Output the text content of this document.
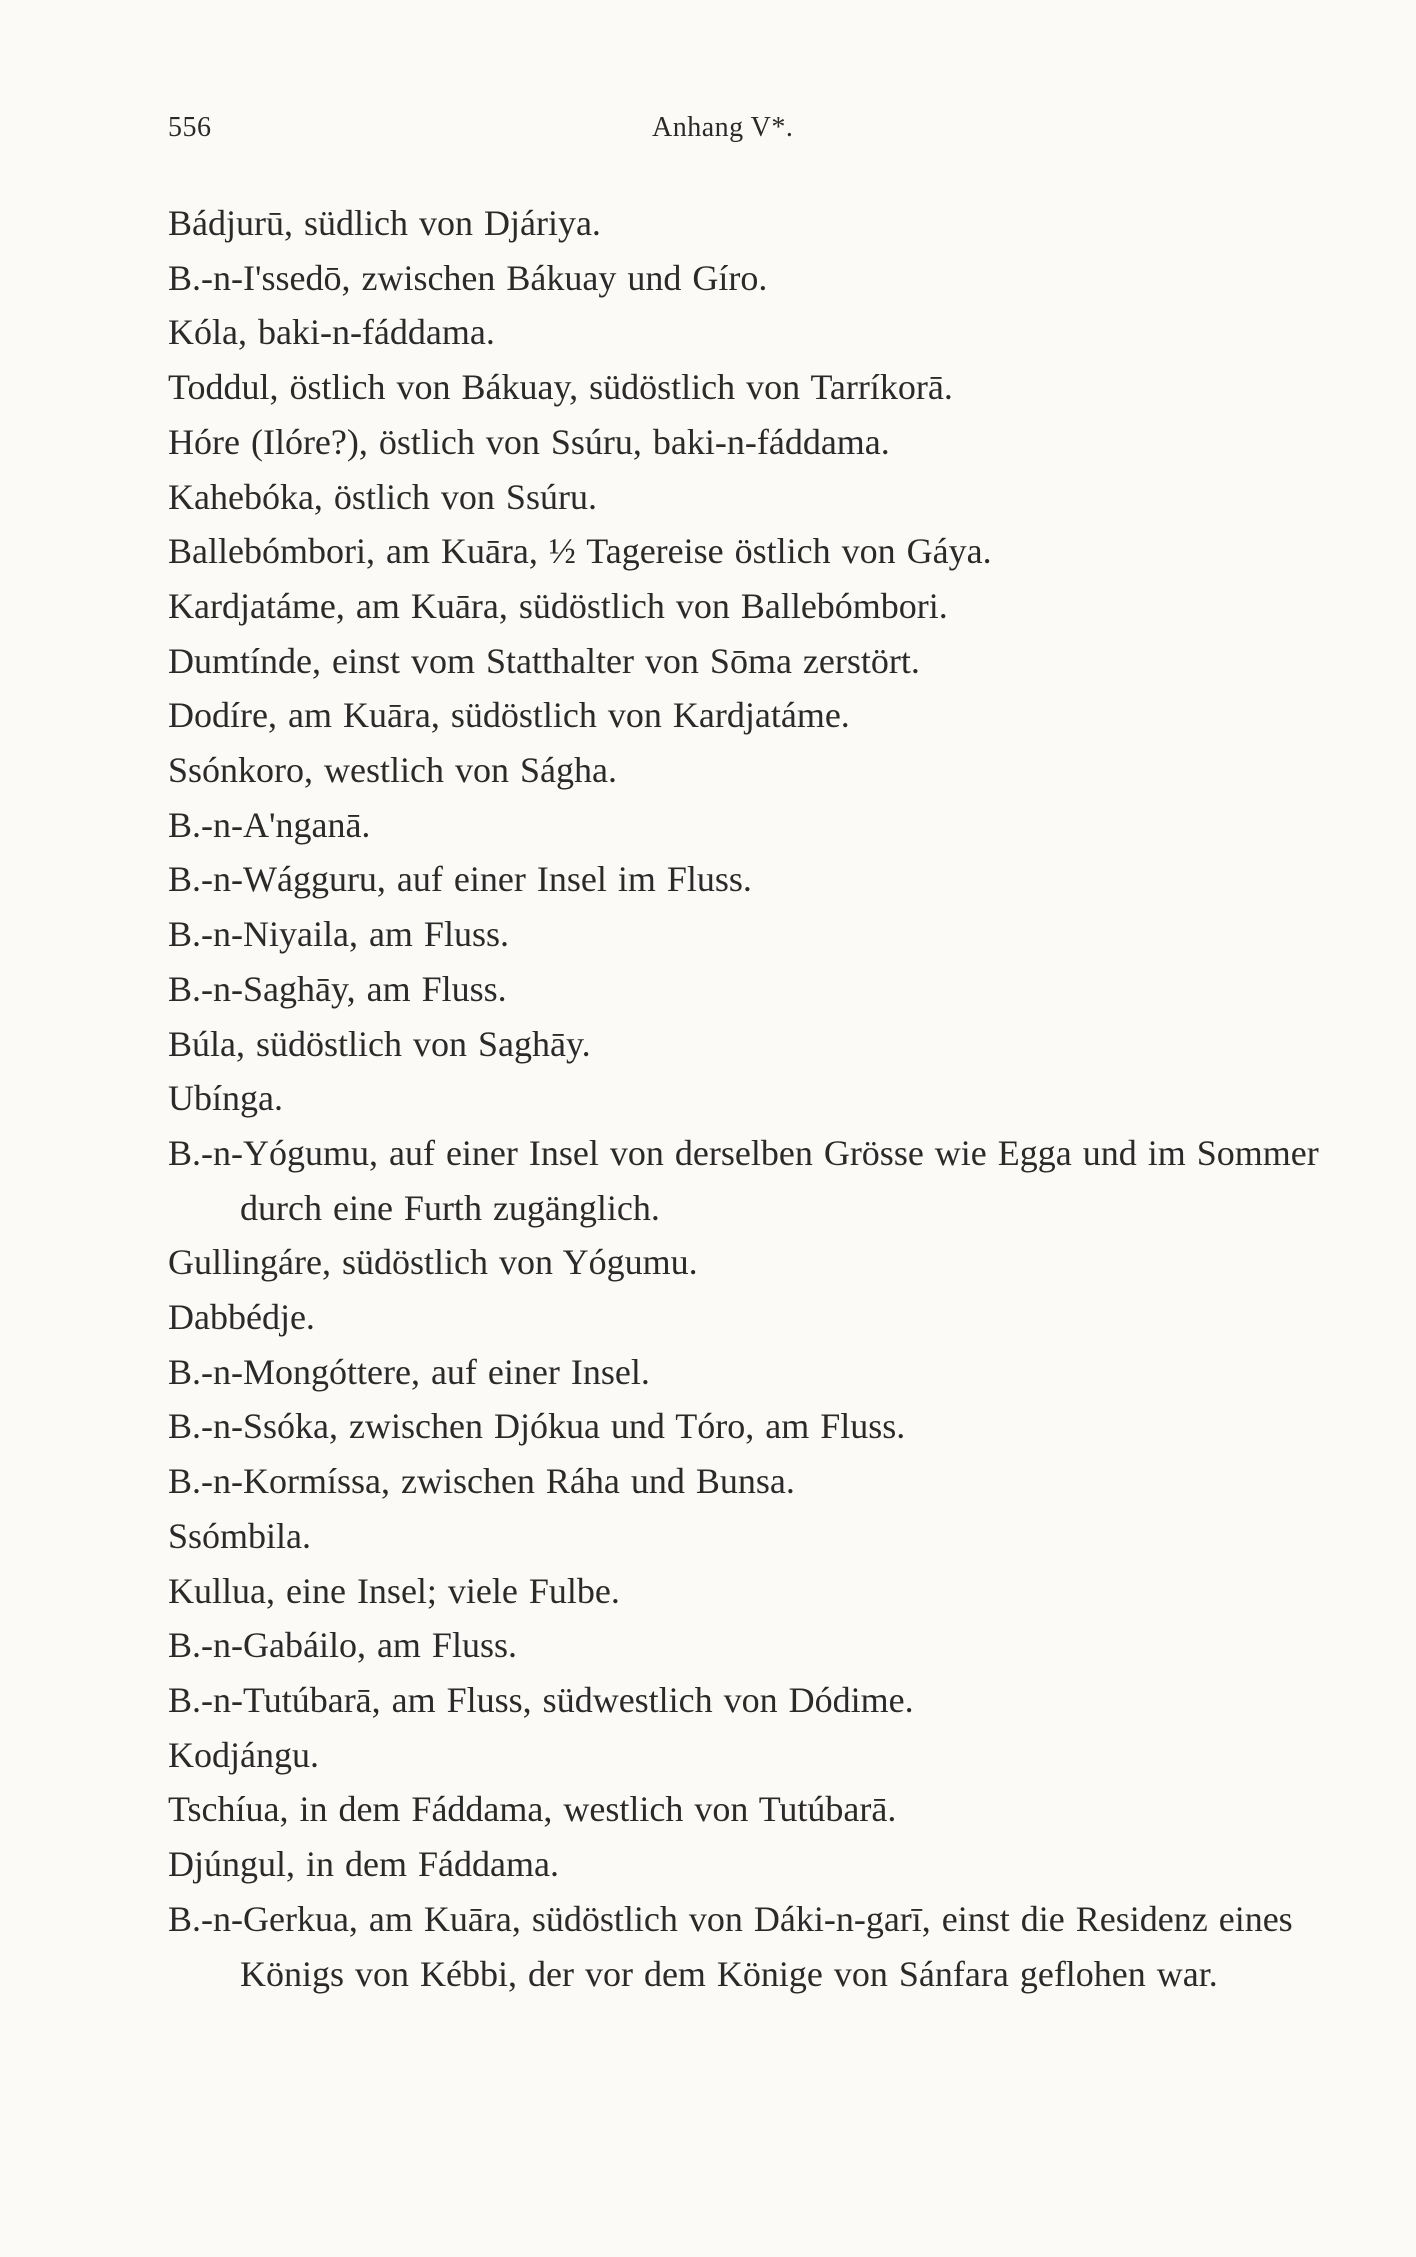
556	Anhang V*.
Bádjurū, südlich von Djáriya.
B.-n-I'ssedō, zwischen Bákuay und Gíro.
Kóla, baki-n-fáddama.
Toddul, östlich von Bákuay, südöstlich von Tarríkorā.
Hóre (Ilóre?), östlich von Ssúru, baki-n-fáddama.
Kahebóka, östlich von Ssúru.
Ballebómbori, am Kuāra, ½ Tagereise östlich von Gáya.
Kardjatáme, am Kuāra, südöstlich von Ballebómbori.
Dumtínde, einst vom Statthalter von Sōma zerstört.
Dodíre, am Kuāra, südöstlich von Kardjatáme.
Ssónkoro, westlich von Ságha.
B.-n-A'nganā.
B.-n-Wágguru, auf einer Insel im Fluss.
B.-n-Niyaila, am Fluss.
B.-n-Saghāy, am Fluss.
Búla, südöstlich von Saghāy.
Ubínga.
B.-n-Yógumu, auf einer Insel von derselben Grösse wie Egga und im Sommer durch eine Furth zugänglich.
Gullingáre, südöstlich von Yógumu.
Dabbédje.
B.-n-Mongóttere, auf einer Insel.
B.-n-Ssóka, zwischen Djókua und Tóro, am Fluss.
B.-n-Kormíssa, zwischen Ráha und Bunsa.
Ssómbila.
Kullua, eine Insel; viele Fulbe.
B.-n-Gabáilo, am Fluss.
B.-n-Tutúbarā, am Fluss, südwestlich von Dódime.
Kodjángu.
Tschíua, in dem Fáddama, westlich von Tutúbarā.
Djúngul, in dem Fáddama.
B.-n-Gerkua, am Kuāra, südöstlich von Dáki-n-garī, einst die Residenz eines Königs von Kébbi, der vor dem Könige von Sánfara geflohen war.
